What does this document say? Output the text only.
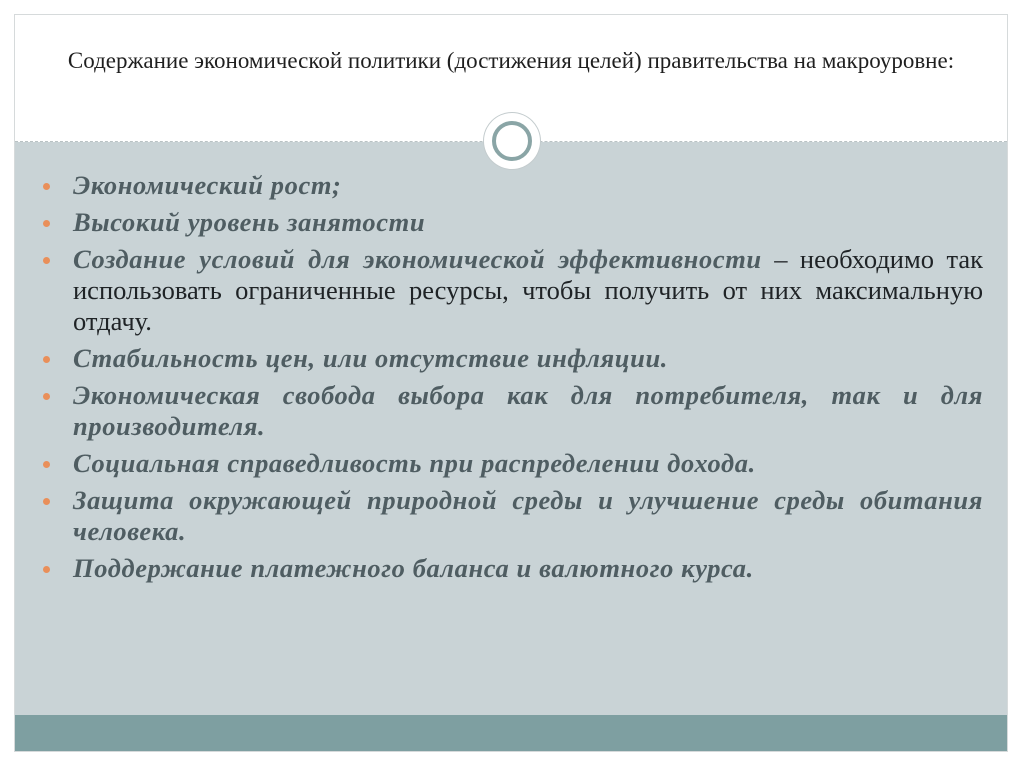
Содержание экономической политики (достижения целей) правительства на макроуровне:
Экономический рост;
Высокий уровень занятости
Создание условий для экономической эффективности – необходимо так использовать ограниченные ресурсы, чтобы получить от них максимальную отдачу.
Стабильность цен, или отсутствие инфляции.
Экономическая свобода выбора как для потребителя, так и для производителя.
Социальная справедливость при распределении дохода.
Защита окружающей природной среды и улучшение среды обитания человека.
Поддержание платежного баланса и валютного курса.
